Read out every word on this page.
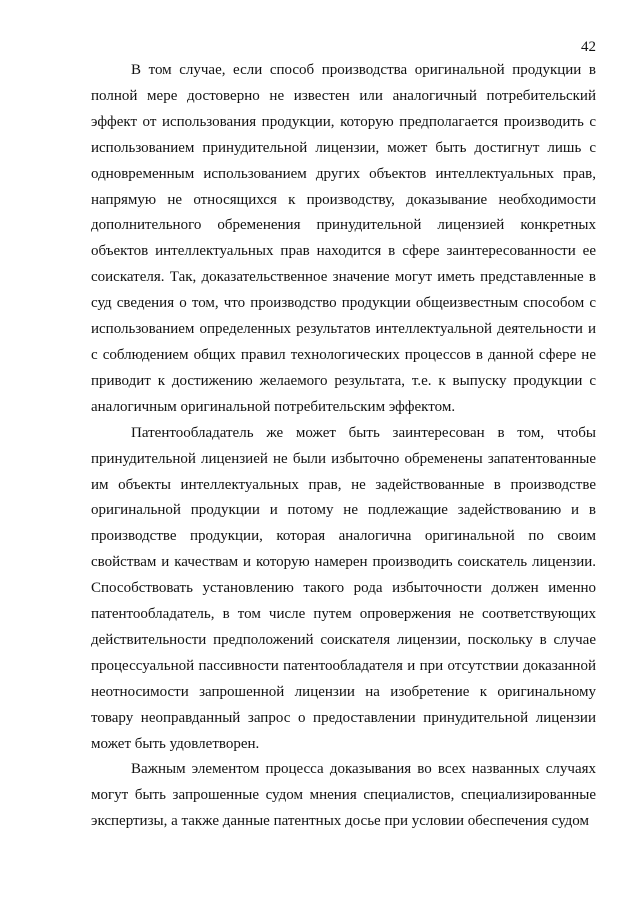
42

В том случае, если способ производства оригинальной продукции в полной мере достоверно не известен или аналогичный потребительский эффект от использования продукции, которую предполагается производить с использованием принудительной лицензии, может быть достигнут лишь с одновременным использованием других объектов интеллектуальных прав, напрямую не относящихся к производству, доказывание необходимости дополнительного обременения принудительной лицензией конкретных объектов интеллектуальных прав находится в сфере заинтересованности ее соискателя. Так, доказательственное значение могут иметь представленные в суд сведения о том, что производство продукции общеизвестным способом с использованием определенных результатов интеллектуальной деятельности и с соблюдением общих правил технологических процессов в данной сфере не приводит к достижению желаемого результата, т.е. к выпуску продукции с аналогичным оригинальной потребительским эффектом.

Патентообладатель же может быть заинтересован в том, чтобы принудительной лицензией не были избыточно обременены запатентованные им объекты интеллектуальных прав, не задействованные в производстве оригинальной продукции и потому не подлежащие задействованию и в производстве продукции, которая аналогична оригинальной по своим свойствам и качествам и которую намерен производить соискатель лицензии. Способствовать установлению такого рода избыточности должен именно патентообладатель, в том числе путем опровержения не соответствующих действительности предположений соискателя лицензии, поскольку в случае процессуальной пассивности патентообладателя и при отсутствии доказанной неотносимости запрошенной лицензии на изобретение к оригинальному товару неоправданный запрос о предоставлении принудительной лицензии может быть удовлетворен.

Важным элементом процесса доказывания во всех названных случаях могут быть запрошенные судом мнения специалистов, специализированные экспертизы, а также данные патентных досье при условии обеспечения судом
